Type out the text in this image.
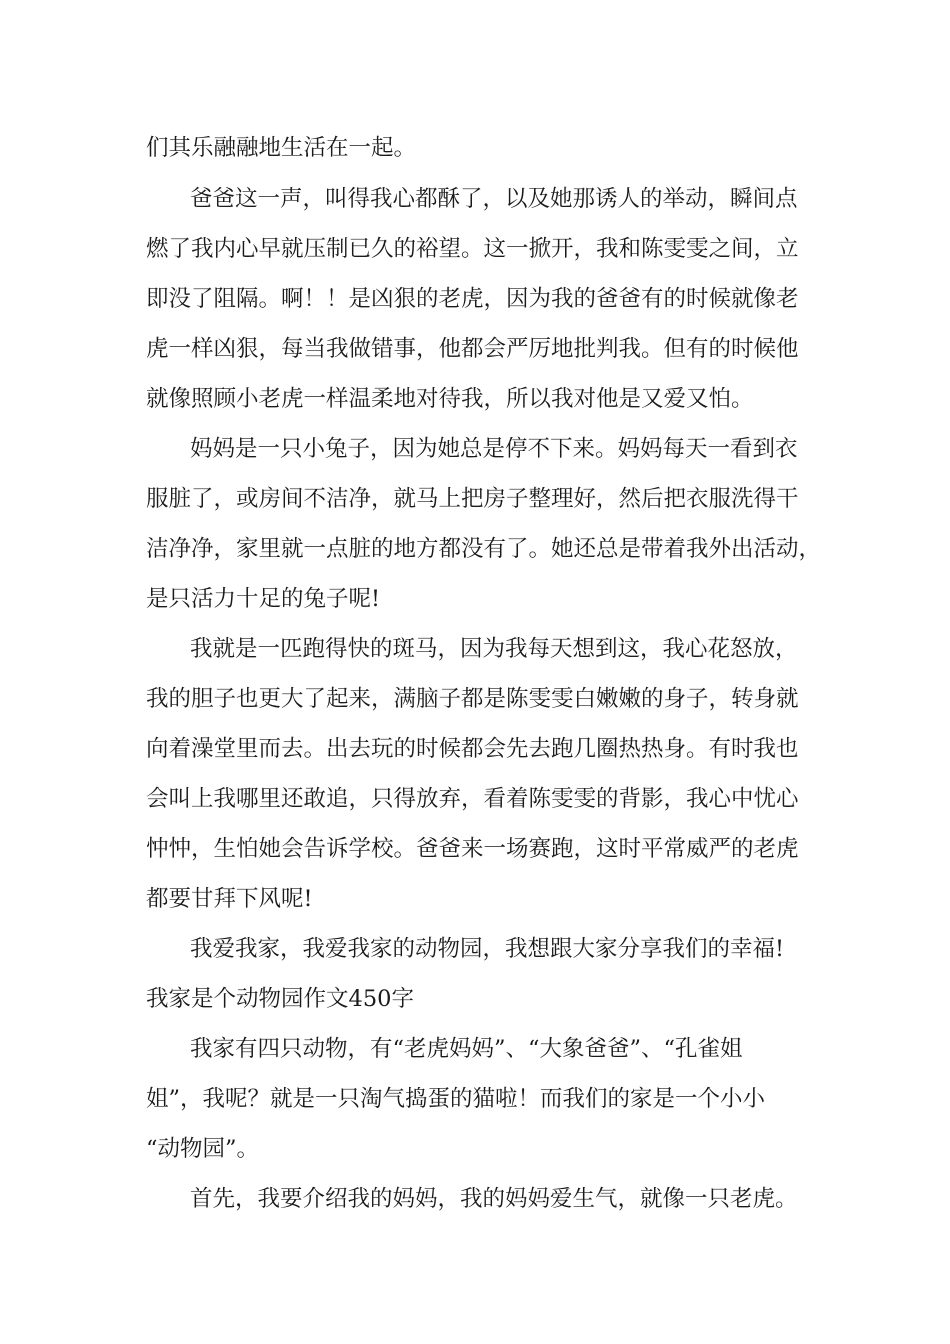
们其乐融融地生活在一起。
爸爸这一声，叫得我心都酥了，以及她那诱人的举动，瞬间点
燃了我内心早就压制已久的裕望。这一掀开，我和陈雯雯之间，立
即没了阻隔。啊！！是凶狠的老虎，因为我的爸爸有的时候就像老
虎一样凶狠，每当我做错事，他都会严厉地批判我。但有的时候他
就像照顾小老虎一样温柔地对待我，所以我对他是又爱又怕。
妈妈是一只小兔子，因为她总是停不下来。妈妈每天一看到衣
服脏了，或房间不洁净，就马上把房子整理好，然后把衣服洗得干
洁净净，家里就一点脏的地方都没有了。她还总是带着我外出活动，
是只活力十足的兔子呢!
我就是一匹跑得快的斑马，因为我每天想到这，我心花怒放，
我的胆子也更大了起来，满脑子都是陈雯雯白嫩嫩的身子，转身就
向着澡堂里而去。出去玩的时候都会先去跑几圈热热身。有时我也
会叫上我哪里还敢追，只得放弃，看着陈雯雯的背影，我心中忧心
忡忡，生怕她会告诉学校。爸爸来一场赛跑，这时平常威严的老虎
都要甘拜下风呢!
我爱我家，我爱我家的动物园，我想跟大家分享我们的幸福!
我家是个动物园作文450字
我家有四只动物，有“老虎妈妈”、“大象爸爸”、“孔雀姐
姐”，我呢？就是一只淘气捣蛋的猫啦！而我们的家是一个小小
“动物园”。
首先，我要介绍我的妈妈，我的妈妈爱生气，就像一只老虎。
